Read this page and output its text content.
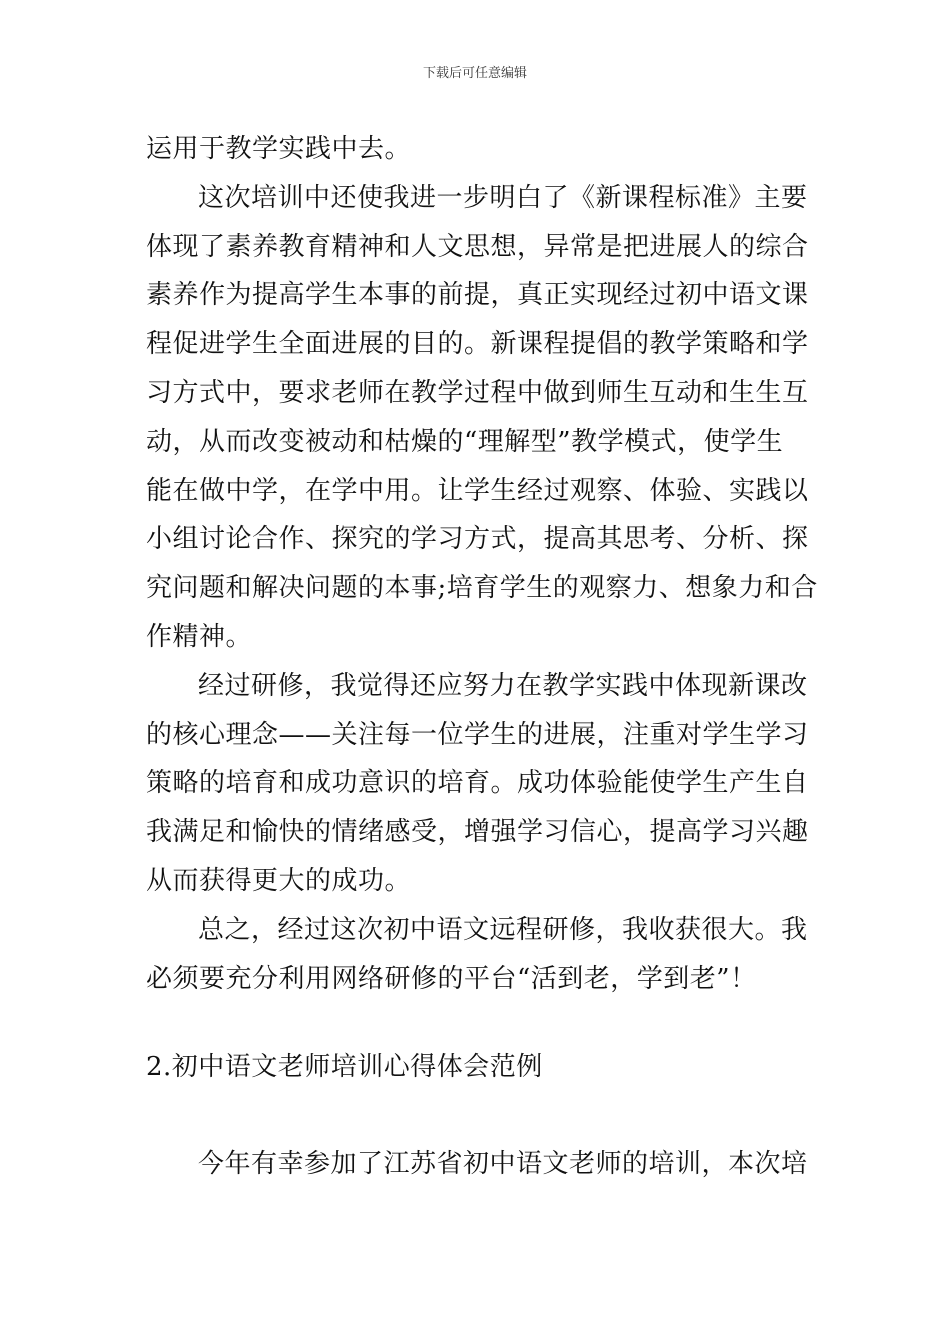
下载后可任意编辑
运用于教学实践中去。
这次培训中还使我进一步明白了《新课程标准》主要
体现了素养教育精神和人文思想，异常是把进展人的综合
素养作为提高学生本事的前提，真正实现经过初中语文课
程促进学生全面进展的目的。新课程提倡的教学策略和学
习方式中，要求老师在教学过程中做到师生互动和生生互
动，从而改变被动和枯燥的“理解型”教学模式，使学生
能在做中学，在学中用。让学生经过观察、体验、实践以
小组讨论合作、探究的学习方式，提高其思考、分析、探
究问题和解决问题的本事;培育学生的观察力、想象力和合
作精神。
经过研修，我觉得还应努力在教学实践中体现新课改
的核心理念——关注每一位学生的进展，注重对学生学习
策略的培育和成功意识的培育。成功体验能使学生产生自
我满足和愉快的情绪感受，增强学习信心，提高学习兴趣
从而获得更大的成功。
总之，经过这次初中语文远程研修，我收获很大。我
必须要充分利用网络研修的平台“活到老，学到老”！
2.初中语文老师培训心得体会范例
今年有幸参加了江苏省初中语文老师的培训，本次培
